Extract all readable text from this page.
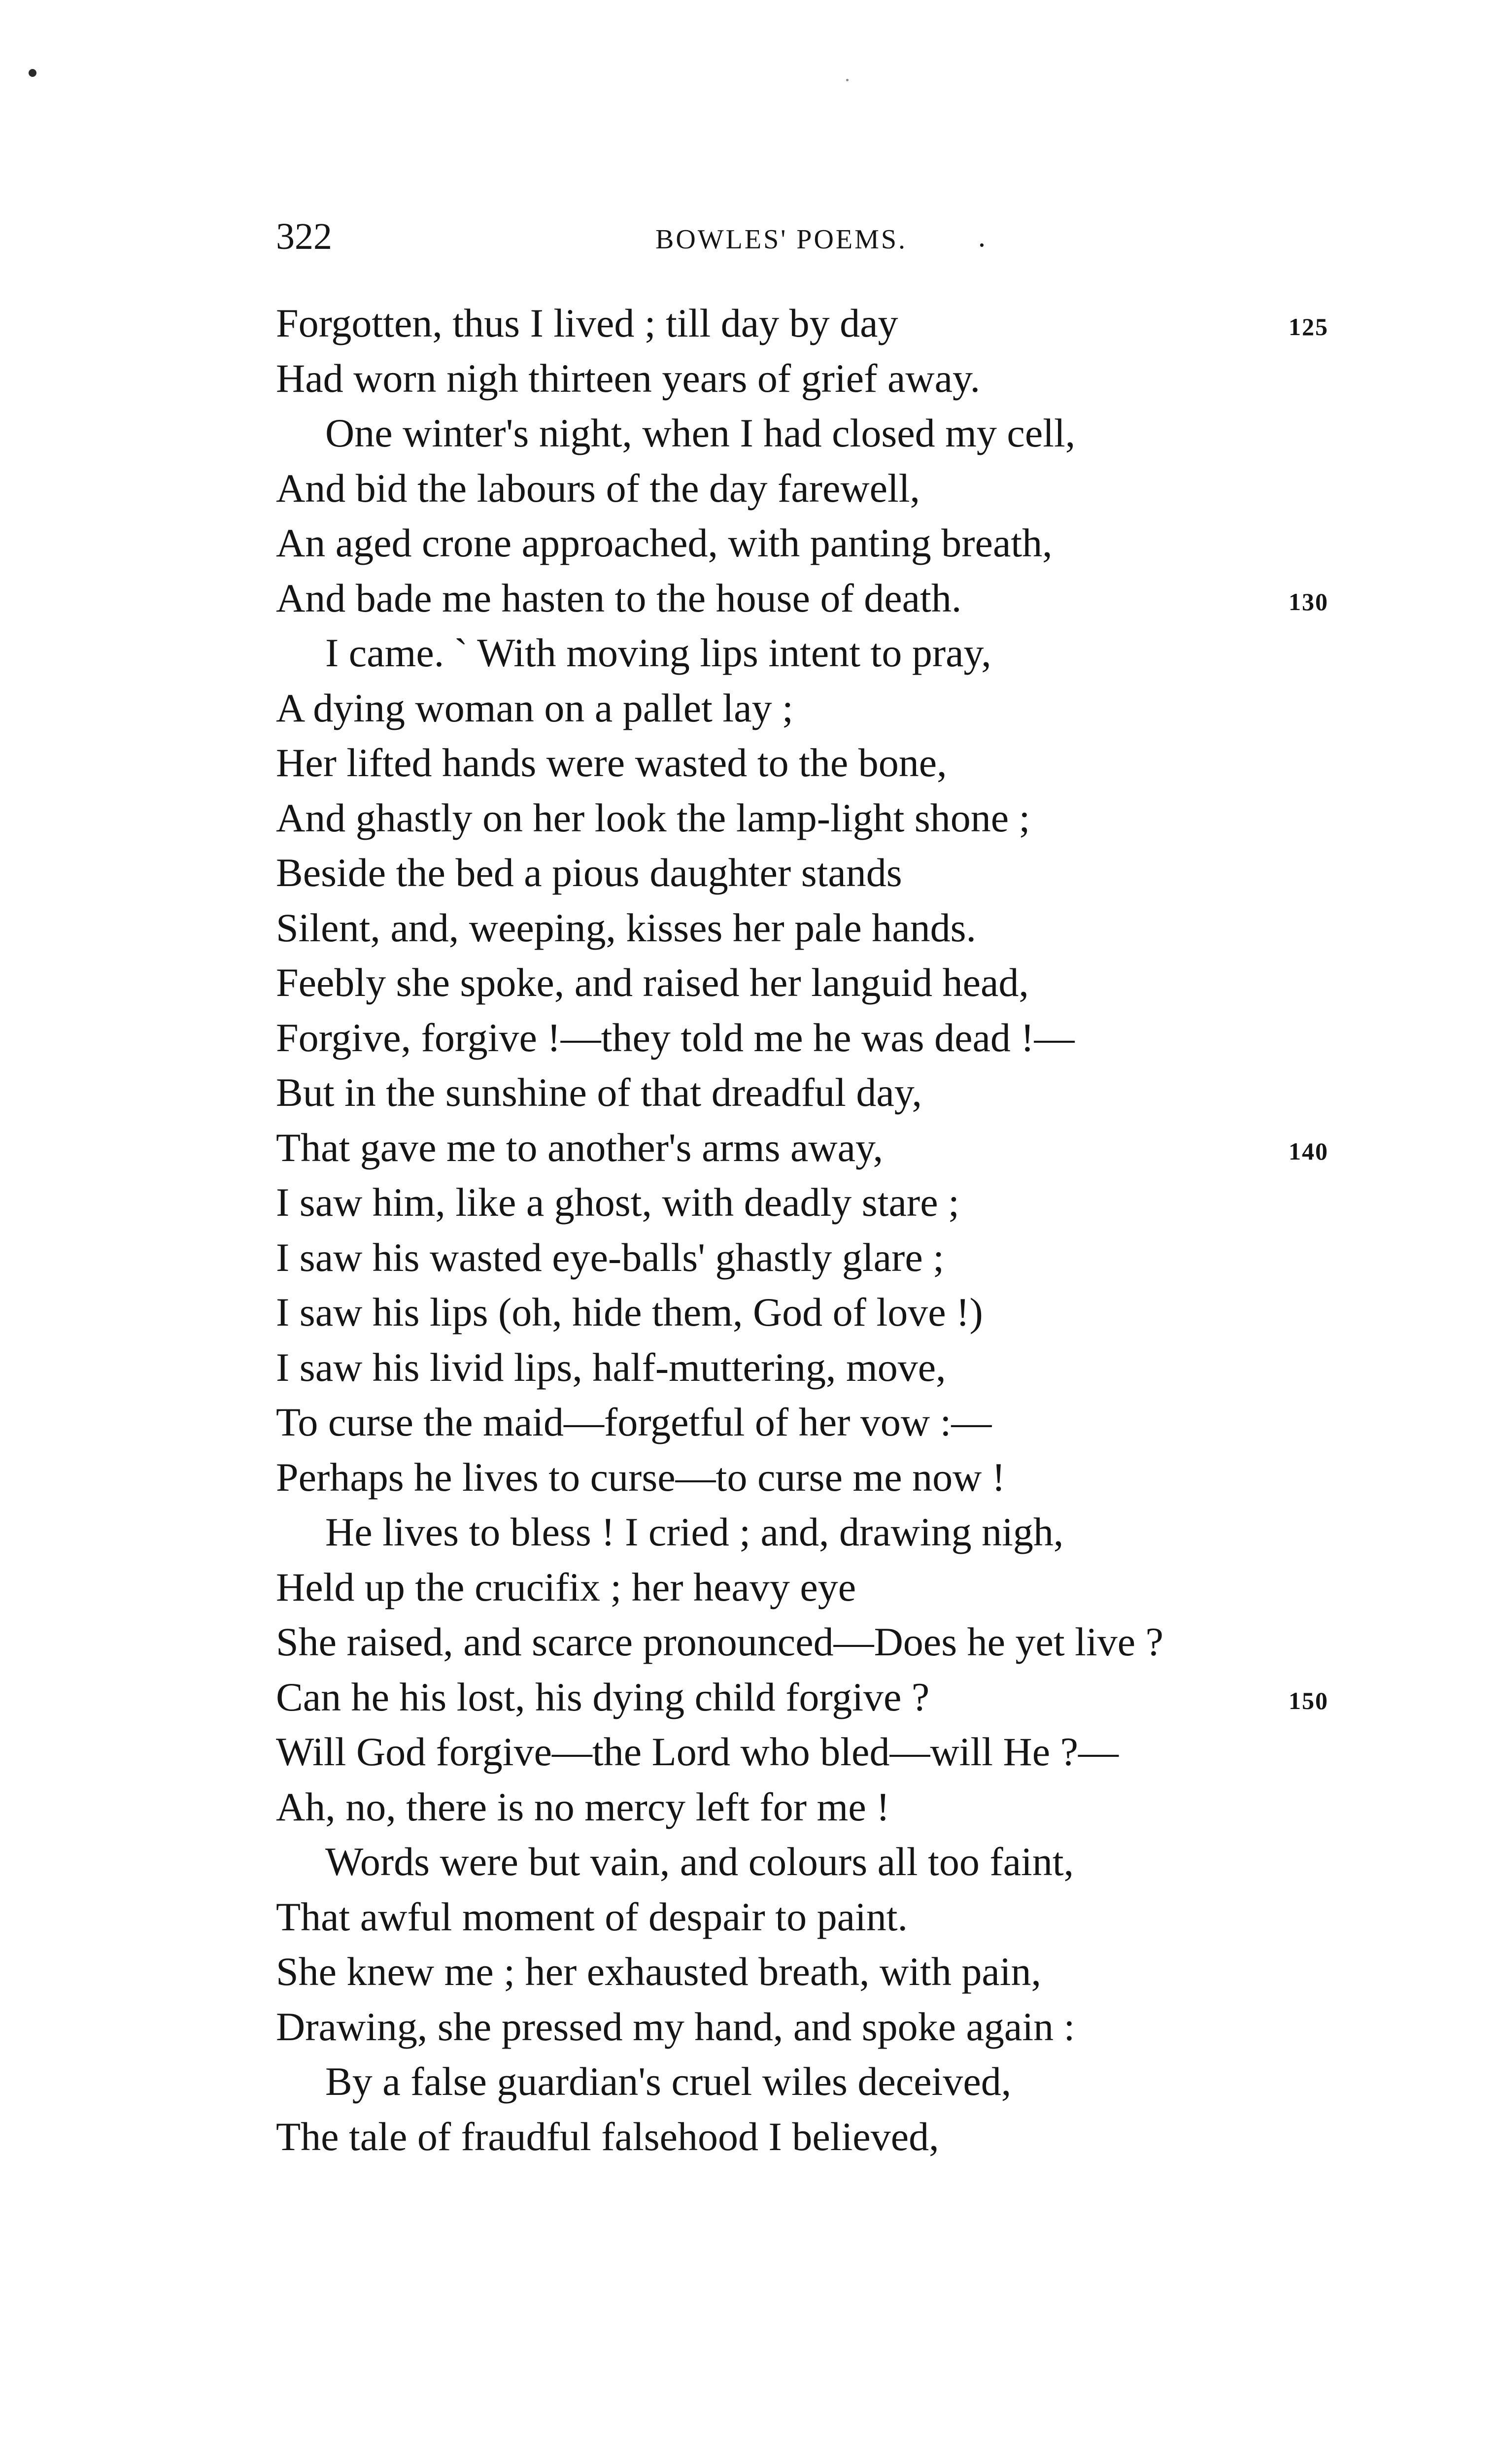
322	BOWLES' POEMS. .
Forgotten, thus I lived ; till day by day	125
Had worn nigh thirteen years of grief away.
One winter's night, when I had closed my cell,
And bid the labours of the day farewell,
An aged crone approached, with panting breath,
And bade me hasten to the house of death.	130
I came. ` With moving lips intent to pray,
A dying woman on a pallet lay ;
Her lifted hands were wasted to the bone,
And ghastly on her look the lamp-light shone ;
Beside the bed a pious daughter stands
Silent, and, weeping, kisses her pale hands.
Feebly she spoke, and raised her languid head,
Forgive, forgive !—they told me he was dead !—
But in the sunshine of that dreadful day,
That gave me to another's arms away,	140
I saw him, like a ghost, with deadly stare ;
I saw his wasted eye-balls' ghastly glare ;
I saw his lips (oh, hide them, God of love !)
I saw his livid lips, half-muttering, move,
To curse the maid—forgetful of her vow :—
Perhaps he lives to curse—to curse me now !
He lives to bless ! I cried ; and, drawing nigh,
Held up the crucifix ; her heavy eye
She raised, and scarce pronounced—Does he yet live ?
Can he his lost, his dying child forgive ?	150
Will God forgive—the Lord who bled—will He ?—
Ah, no, there is no mercy left for me !
Words were but vain, and colours all too faint,
That awful moment of despair to paint.
She knew me ; her exhausted breath, with pain,
Drawing, she pressed my hand, and spoke again :
By a false guardian's cruel wiles deceived,
The tale of fraudful falsehood I believed,
